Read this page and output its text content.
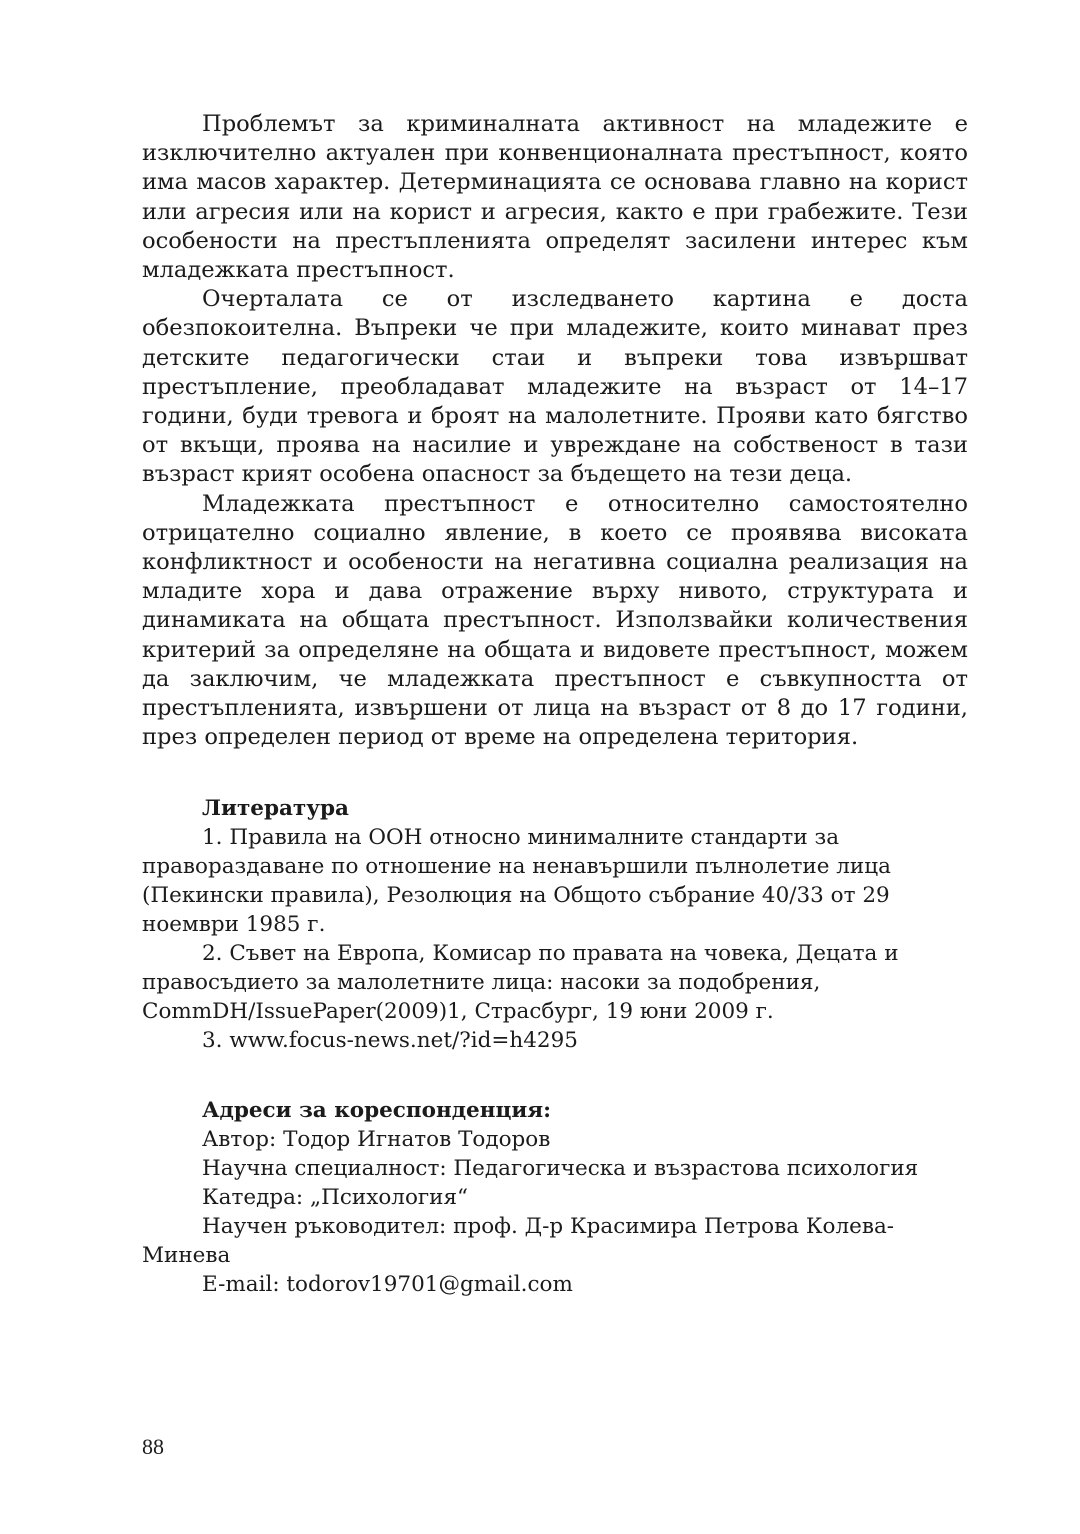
Проблемът за криминалната активност на младежите е изключително актуален при конвенционалната престъпност, която има масов характер. Детерминацията се основава главно на корист или агресия или на корист и агресия, както е при грабежите. Тези особености на престъпленията определят засилени интерес към младежката престъпност.

Очерталата се от изследването картина е доста обезпокоителна. Въпреки че при младежите, които минават през детските педагогически стаи и въпреки това извършват престъпление, преобладават младежите на възраст от 14–17 години, буди тревога и броят на малолетните. Прояви като бягство от вкъщи, проява на насилие и увреждане на собственост в тази възраст крият особена опасност за бъдещето на тези деца.

Младежката престъпност е относително самостоятелно отрицателно социално явление, в което се проявява високата конфликтност и особености на негативна социална реализация на младите хора и дава отражение върху нивото, структурата и динамиката на общата престъпност. Използвайки количествения критерий за определяне на общата и видовете престъпност, можем да заключим, че младежката престъпност е съвкупността от престъпленията, извършени от лица на възраст от 8 до 17 години, през определен период от време на определена територия.

Литература

1. Правила на ООН относно минималните стандарти за правораздаване по отношение на ненавършили пълнолетие лица (Пекински правила), Резолюция на Общото събрание 40/33 от 29 ноември 1985 г.

2. Съвет на Европа, Комисар по правата на човека, Децата и правосъдието за малолетните лица: насоки за подобрения, CommDH/IssuePaper(2009)1, Страсбург, 19 юни 2009 г.

3. www.focus-news.net/?id=h4295

Адреси за кореспонденция:

Автор: Тодор Игнатов Тодоров

Научна специалност: Педагогическа и възрастова психология

Катедра: „Психология“

Научен ръководител: проф. Д-р Красимира Петрова Колева-Минева

E-mail: todorov19701@gmail.com

88
